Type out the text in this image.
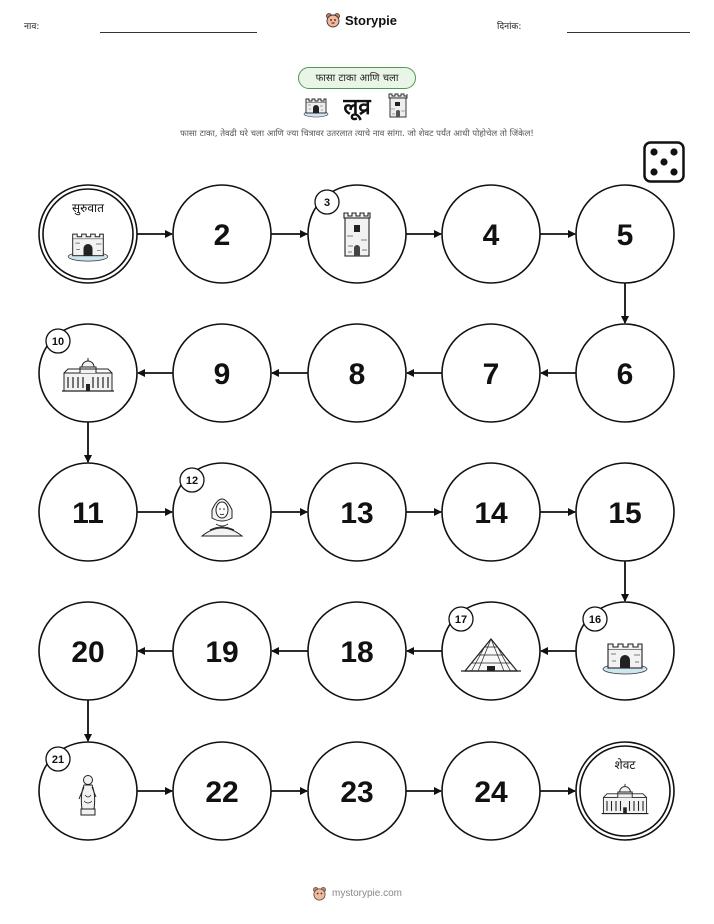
नाव:	Storypie	दिनांक:
फासा टाका आणि चला
लूव्र
फासा टाका, तेवढी घरे चला आणि ज्या चित्रावर उतरलात त्याचे नाव सांगा. जो शेवट पर्यंत आधी पोहोचेल तो जिंकेल!
सुरुवात
2
3
4	5
6
7
8
9
10
11
12
13	14	15
16
17
18
19
20
21
22	23	24
शेवट
mystorypie.com
